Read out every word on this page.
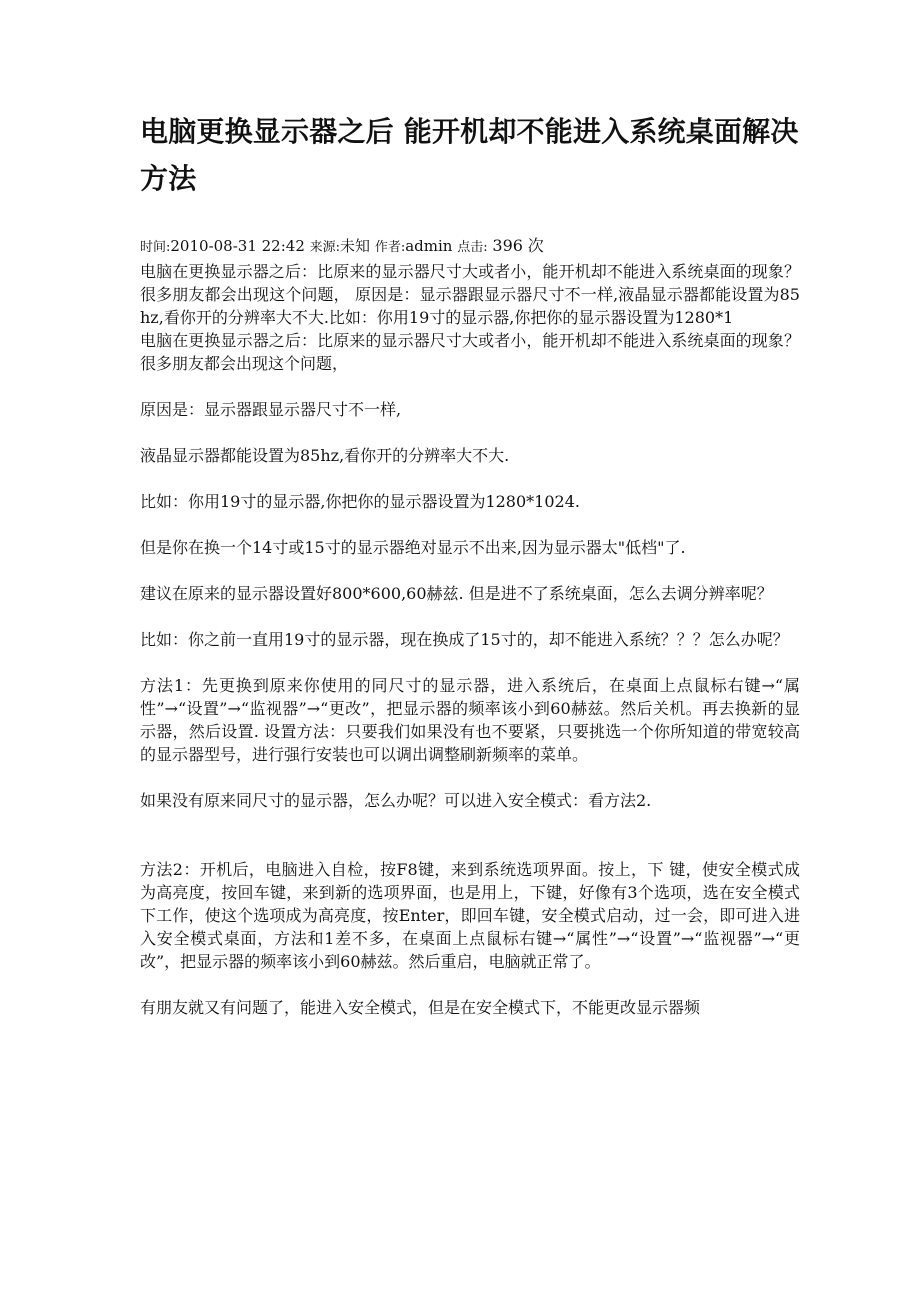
电脑更换显示器之后 能开机却不能进入系统桌面解决方法
时间:2010-08-31 22:42 来源:未知 作者:admin 点击: 396 次

电脑在更换显示器之后：比原来的显示器尺寸大或者小，能开机却不能进入系统桌面的现象？很多朋友都会出现这个问题， 原因是：显示器跟显示器尺寸不一样,液晶显示器都能设置为85hz,看你开的分辨率大不大.比如：你用19寸的显示器,你把你的显示器设置为1280*1

电脑在更换显示器之后：比原来的显示器尺寸大或者小，能开机却不能进入系统桌面的现象？很多朋友都会出现这个问题，

原因是：显示器跟显示器尺寸不一样,

液晶显示器都能设置为85hz,看你开的分辨率大不大.

比如：你用19寸的显示器,你把你的显示器设置为1280*1024.

但是你在换一个14寸或15寸的显示器绝对显示不出来,因为显示器太"低档"了.

建议在原来的显示器设置好800*600,60赫兹. 但是进不了系统桌面，怎么去调分辨率呢？

比如：你之前一直用19寸的显示器，现在换成了15寸的，却不能进入系统？？？怎么办呢？

方法1：先更换到原来你使用的同尺寸的显示器，进入系统后，在桌面上点鼠标右键→“属性”→“设置”→“监视器”→“更改”，把显示器的频率该小到60赫兹。然后关机。再去换新的显示器，然后设置. 设置方法：只要我们如果没有也不要紧，只要挑选一个你所知道的带宽较高的显示器型号，进行强行安装也可以调出调整刷新频率的菜单。

如果没有原来同尺寸的显示器，怎么办呢？可以进入安全模式：看方法2.

方法2：开机后，电脑进入自检，按F8键，来到系统选项界面。按上，下 键，使安全模式成为高亮度，按回车键，来到新的选项界面，也是用上，下键，好像有3个选项，选在安全模式下工作，使这个选项成为高亮度，按Enter，即回车键，安全模式启动，过一会，即可进入进入安全模式桌面，方法和1差不多，在桌面上点鼠标右键→“属性”→“设置”→“监视器”→“更改”，把显示器的频率该小到60赫兹。然后重启，电脑就正常了。

有朋友就又有问题了，能进入安全模式，但是在安全模式下，不能更改显示器频
